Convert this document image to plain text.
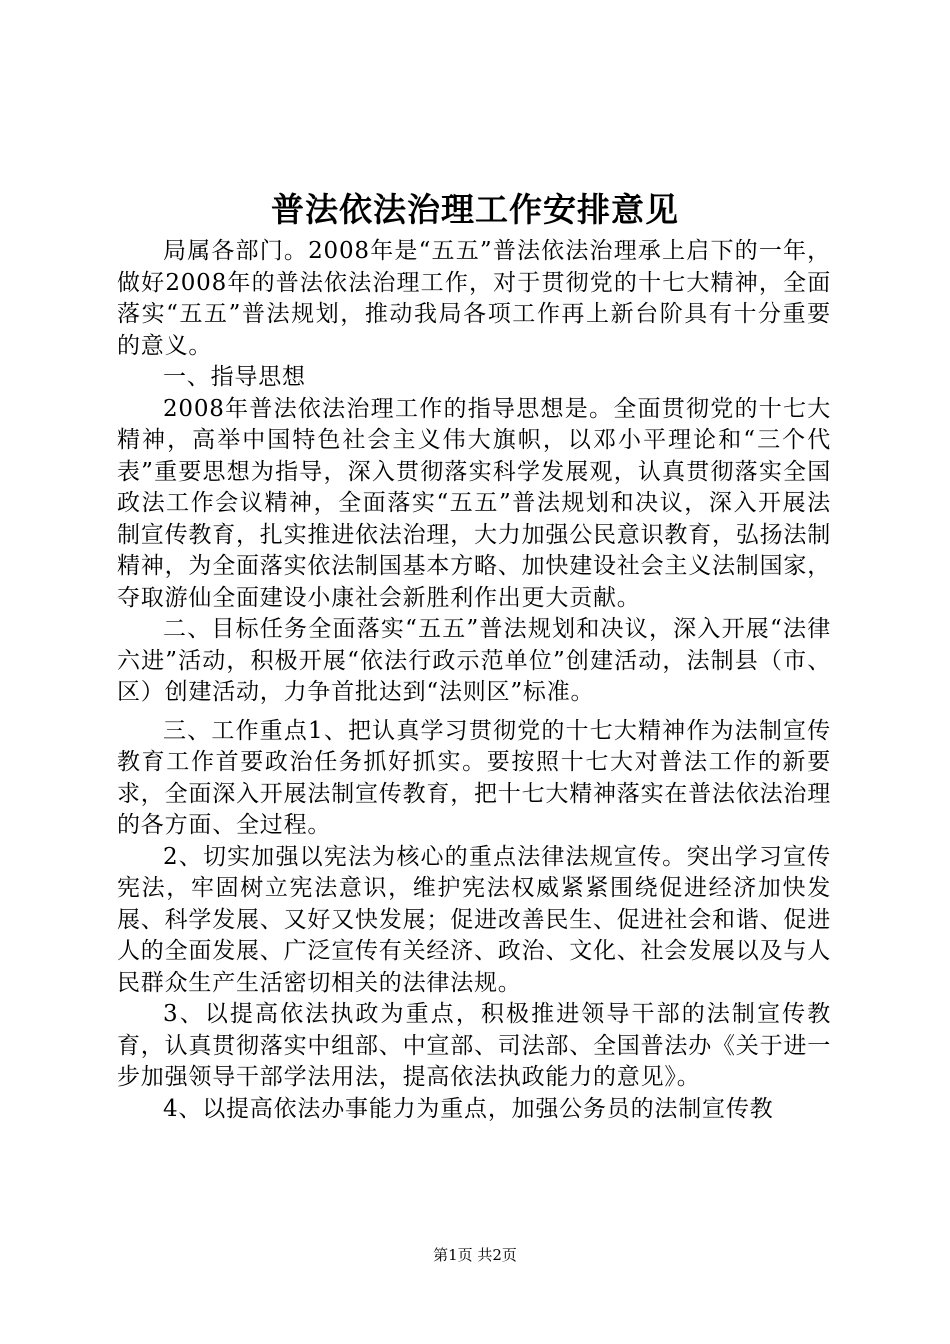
普法依法治理工作安排意见

局属各部门。2008年是“五五”普法依法治理承上启下的一年，做好2008年的普法依法治理工作，对于贯彻党的十七大精神，全面落实“五五”普法规划，推动我局各项工作再上新台阶具有十分重要的意义。

一、指导思想

2008年普法依法治理工作的指导思想是。全面贯彻党的十七大精神，高举中国特色社会主义伟大旗帜，以邓小平理论和“三个代表”重要思想为指导，深入贯彻落实科学发展观，认真贯彻落实全国政法工作会议精神，全面落实“五五”普法规划和决议，深入开展法制宣传教育，扎实推进依法治理，大力加强公民意识教育，弘扬法制精神，为全面落实依法制国基本方略、加快建设社会主义法制国家，夺取游仙全面建设小康社会新胜利作出更大贡献。

二、目标任务全面落实“五五”普法规划和决议，深入开展“法律六进”活动，积极开展“依法行政示范单位”创建活动，法制县（市、区）创建活动，力争首批达到“法则区”标准。

三、工作重点1、把认真学习贯彻党的十七大精神作为法制宣传教育工作首要政治任务抓好抓实。要按照十七大对普法工作的新要求，全面深入开展法制宣传教育，把十七大精神落实在普法依法治理的各方面、全过程。

2、切实加强以宪法为核心的重点法律法规宣传。突出学习宣传宪法，牢固树立宪法意识，维护宪法权威紧紧围绕促进经济加快发展、科学发展、又好又快发展；促进改善民生、促进社会和谐、促进人的全面发展、广泛宣传有关经济、政治、文化、社会发展以及与人民群众生产生活密切相关的法律法规。

3、以提高依法执政为重点，积极推进领导干部的法制宣传教育，认真贯彻落实中组部、中宣部、司法部、全国普法办《关于进一步加强领导干部学法用法，提高依法执政能力的意见》。

4、以提高依法办事能力为重点，加强公务员的法制宣传教

第1页 共2页
